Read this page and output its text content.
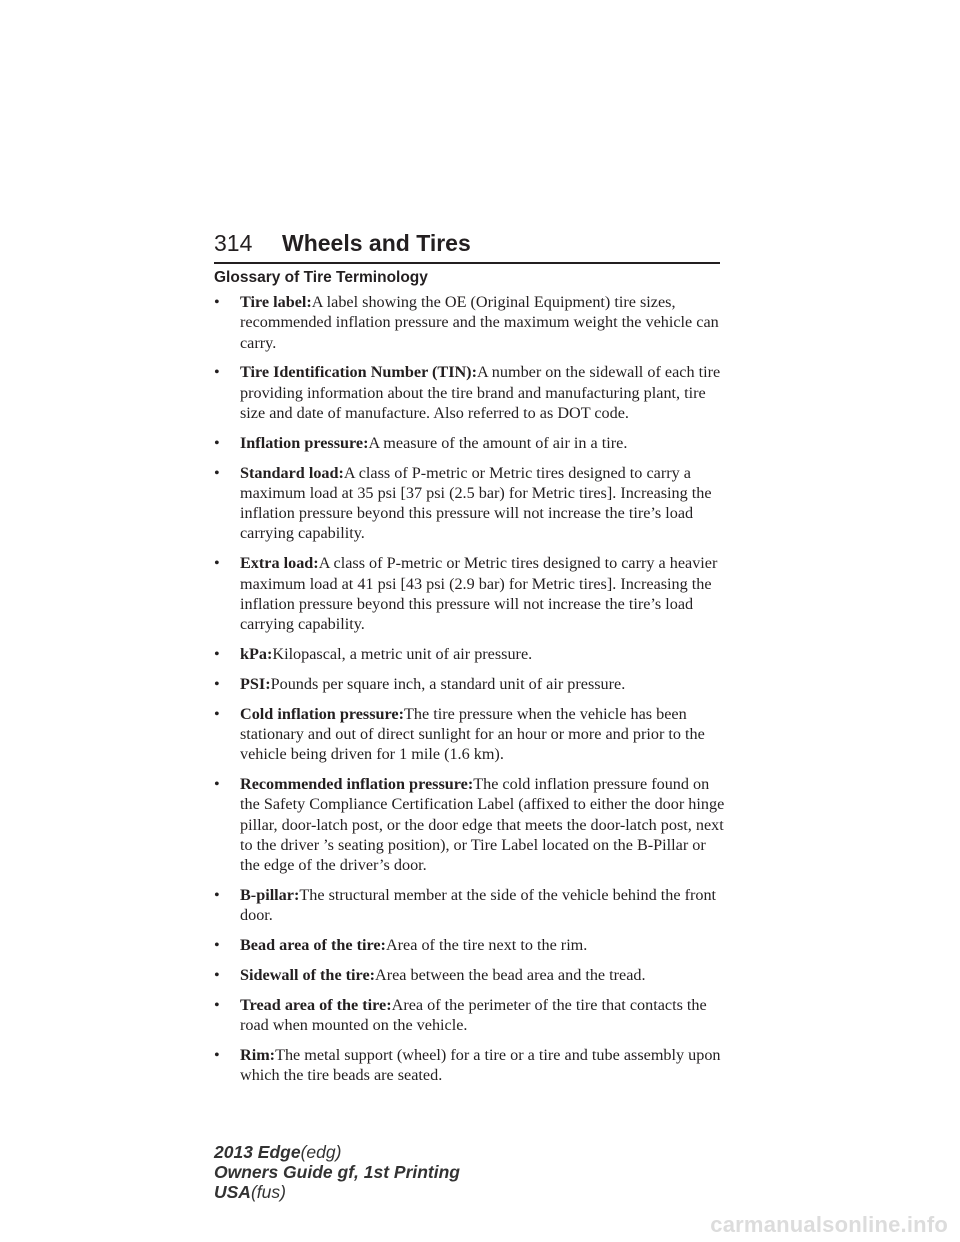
314 Wheels and Tires
Glossary of Tire Terminology
•	Tire label:A label showing the OE (Original Equipment) tire sizes, recommended inflation pressure and the maximum weight the vehicle can carry.
•	Tire Identification Number (TIN):A number on the sidewall of each tire providing information about the tire brand and manufacturing plant, tire size and date of manufacture. Also referred to as DOT code.
•	Inflation pressure:A measure of the amount of air in a tire.
•	Standard load:A class of P-metric or Metric tires designed to carry a maximum load at 35 psi [37 psi (2.5 bar) for Metric tires]. Increasing the inflation pressure beyond this pressure will not increase the tire’s load carrying capability.
•	Extra load:A class of P-metric or Metric tires designed to carry a heavier maximum load at 41 psi [43 psi (2.9 bar) for Metric tires]. Increasing the inflation pressure beyond this pressure will not increase the tire’s load carrying capability.
•	kPa:Kilopascal, a metric unit of air pressure.
•	PSI:Pounds per square inch, a standard unit of air pressure.
•	Cold inflation pressure:The tire pressure when the vehicle has been stationary and out of direct sunlight for an hour or more and prior to the vehicle being driven for 1 mile (1.6 km).
•	Recommended inflation pressure:The cold inflation pressure found on the Safety Compliance Certification Label (affixed to either the door hinge pillar, door-latch post, or the door edge that meets the door-latch post, next to the driver ’s seating position), or Tire Label located on the B-Pillar or the edge of the driver’s door.
•	B-pillar:The structural member at the side of the vehicle behind the front door.
•	Bead area of the tire:Area of the tire next to the rim.
•	Sidewall of the tire:Area between the bead area and the tread.
•	Tread area of the tire:Area of the perimeter of the tire that contacts the road when mounted on the vehicle.
•	Rim:The metal support (wheel) for a tire or a tire and tube assembly upon which the tire beads are seated.
2013 Edge(edg)
Owners Guide gf, 1st Printing
USA(fus)
carmanualsonline.info
